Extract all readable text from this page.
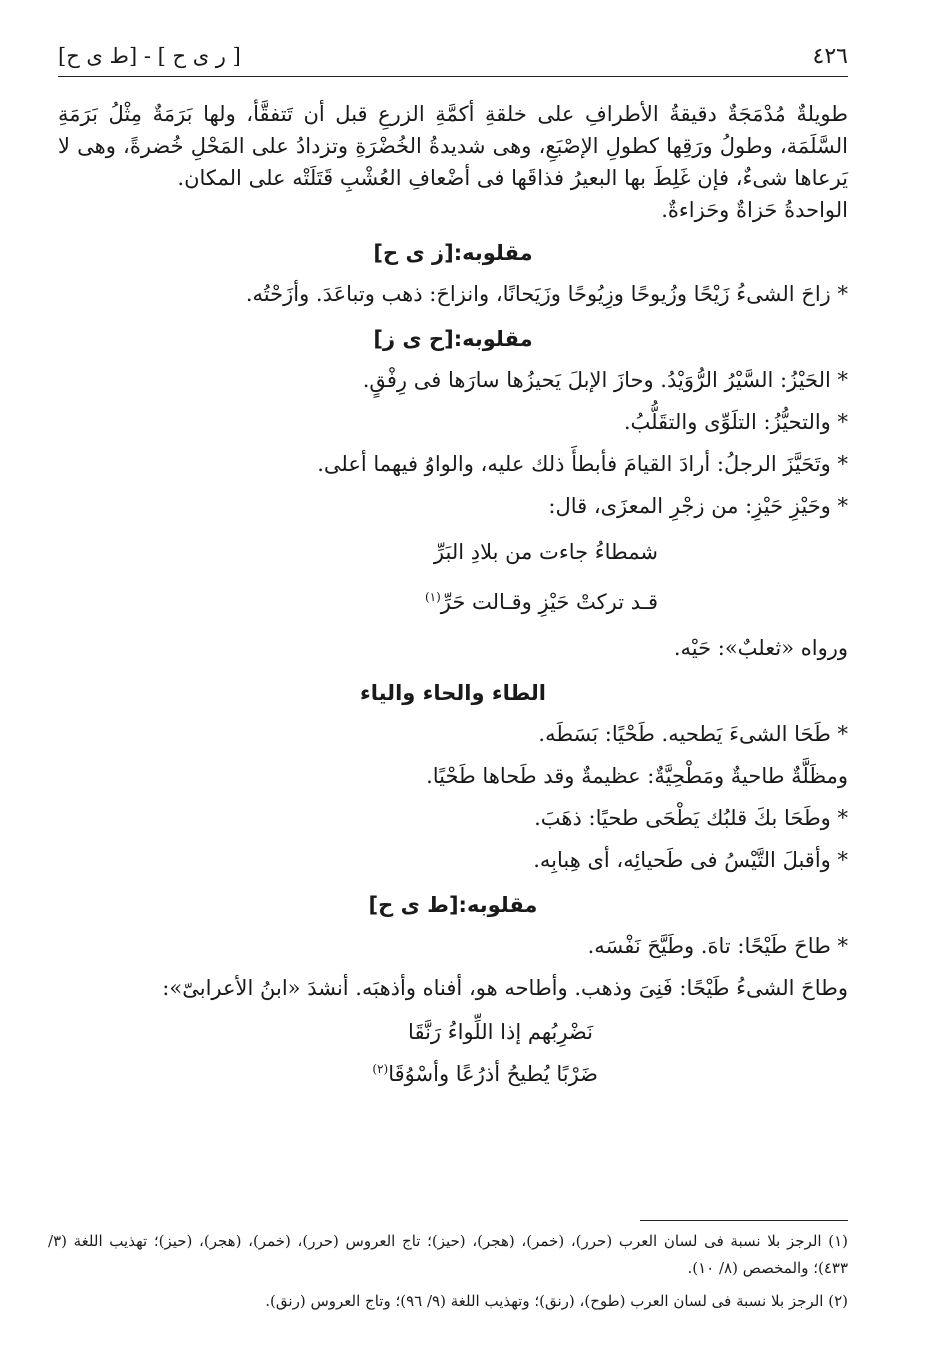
٤٢٦
[ ر ى ح ] - [ط ى ح]

طويلةٌ مُدْمَجَةٌ دقيقةُ الأطرافِ على خلقةِ أكمَّةِ الزرعِ قبل أن تَتفقَّأ، ولها بَرَمَةٌ مِثْلُ بَرَمَةِ السَّلَمَة، وطولُ ورَقِها كطولِ الإصْبَعِ، وهى شديدةُ الخُضْرَةِ وتزدادُ على المَحْلِ خُضرةً، وهى لا يَرعاها شىءٌ، فإن غَلِطَ بها البعيرُ فذاقَها فى أضْعافِ العُشْبِ قَتَلَتْه على المكان.

الواحدةُ حَزاةٌ وحَزاءةٌ.

مقلوبه:[ز ى ح]

* زاحَ الشىءُ زَيْحًا وزُيوحًا وزِيُوحًا وزَيَحانًا، وانزاحَ: ذهب وتباعَدَ. وأزَحْتُه.

مقلوبه:[ح ى ز]

* الحَيْزُ: السَّيْرُ الرُّوَيْدُ. وحازَ الإبلَ يَحيزُها سارَها فى رِفْقٍ.

* والتحيُّزُ: التلَوِّى والتقَلُّبُ.

* وتَحَيَّزَ الرجلُ: أرادَ القيامَ فأبطأَ ذلك عليه، والواوُ فيهما أعلى.

* وحَيْزِ حَيْزِ: من زجْرِ المعزَى، قال:

شمطاءُ جاءت من بلادِ البَرِّ

قـد تركتْ حَيْزِ وقـالت حَرِّ$^{(١)}$

ورواه «ثعلبٌ»: حَيْه.

الطاء والحاء والياء

* طَحَا الشىءَ يَطحيه. طَحْيًا: بَسَطَه.

ومظَلَّةٌ طاحيةٌ ومَطْحِيَّةٌ: عظيمةٌ وقد طَحاها طَحْيًا.

* وطَحَا بكَ قلبُك يَطْحَى طحيًا: ذهَبَ.

* وأقبلَ التَّيْسُ فى طَحيائِه، أى هِبابِه.

مقلوبه:[ط ى ح]

* طاحَ طَيْحًا: تاهَ. وطَيَّحَ نَفْسَه.

وطاحَ الشىءُ طَيْحًا: فَنِىَ وذهب. وأطاحه هو، أفناه وأذهبَه. أنشدَ «ابنُ الأعرابىّ»:

نَضْرِبُهم إذا اللِّواءُ رَنَّقَا

ضَرْبًا يُطيحُ أذرُعًا وأسْوُقَا$^{(٢)}$

(١) الرجز بلا نسبة فى لسان العرب (حرر)، (خمر)، (هجر)، (حيز)؛ تاج العروس (حرر)، (خمر)، (هجر)، (حيز)؛ تهذيب اللغة (٣/ ٤٣٣)؛ والمخصص (٨/ ١٠).

(٢) الرجز بلا نسبة فى لسان العرب (طوح)، (رنق)؛ وتهذيب اللغة (٩/ ٩٦)؛ وتاج العروس (رنق).
